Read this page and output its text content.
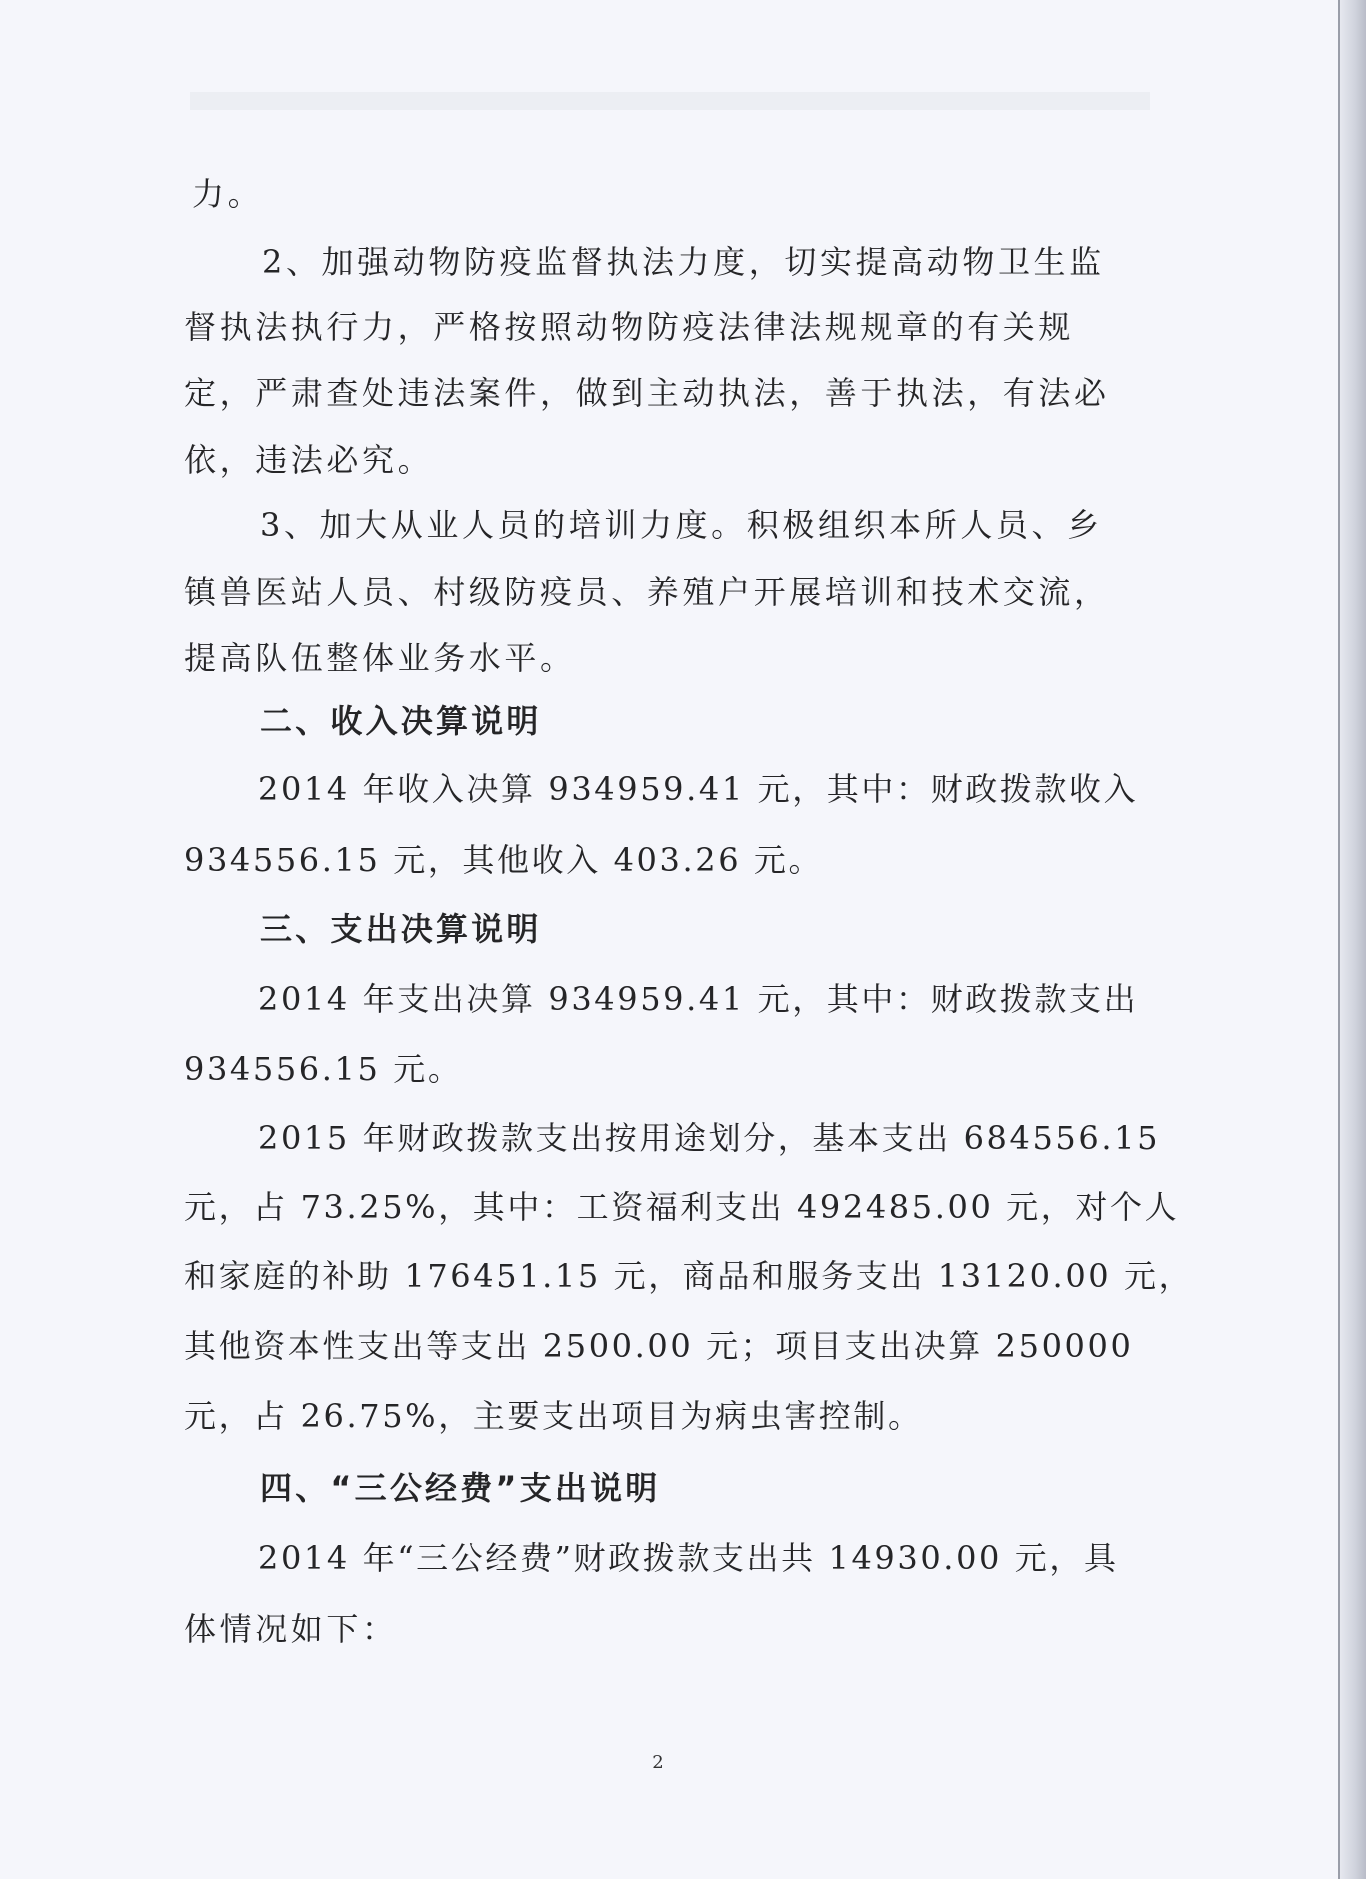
力。
2、加强动物防疫监督执法力度，切实提高动物卫生监
督执法执行力，严格按照动物防疫法律法规规章的有关规
定，严肃查处违法案件，做到主动执法，善于执法，有法必
依，违法必究。
3、加大从业人员的培训力度。积极组织本所人员、乡
镇兽医站人员、村级防疫员、养殖户开展培训和技术交流，
提高队伍整体业务水平。
二、收入决算说明
2014 年收入决算 934959.41 元，其中：财政拨款收入
934556.15 元，其他收入 403.26 元。
三、支出决算说明
2014 年支出决算 934959.41 元，其中：财政拨款支出
934556.15 元。
2015 年财政拨款支出按用途划分，基本支出 684556.15
元，占 73.25%，其中：工资福利支出 492485.00 元，对个人
和家庭的补助 176451.15 元，商品和服务支出 13120.00 元，
其他资本性支出等支出 2500.00 元；项目支出决算 250000
元，占 26.75%，主要支出项目为病虫害控制。
四、“三公经费”支出说明
2014 年“三公经费”财政拨款支出共 14930.00 元，具
体情况如下：
2
